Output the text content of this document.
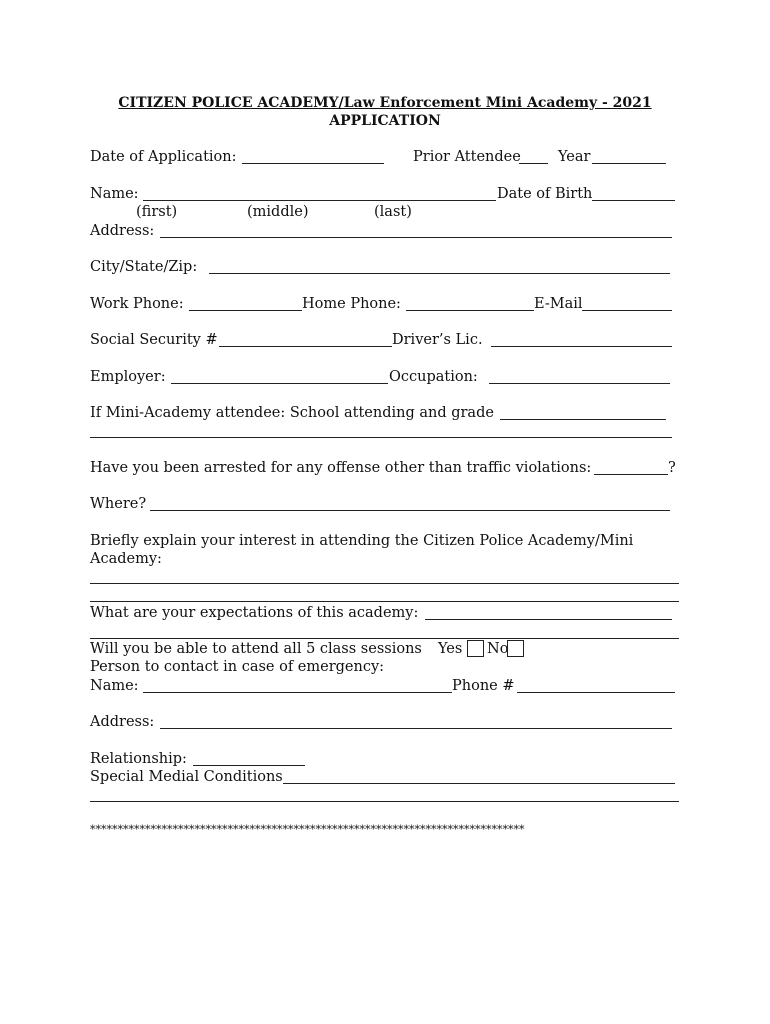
CITIZEN POLICE ACADEMY/Law Enforcement Mini Academy - 2021
APPLICATION
Date of Application:	Prior Attendee	Year
Name:	Date of Birth
(first)	(middle)	(last)
Address:
City/State/Zip:
Work Phone:	Home Phone:	E-Mail
Social Security #	Driver’s Lic.
Employer:	Occupation:
If Mini-Academy attendee: School attending and grade
Have you been arrested for any offense other than traffic violations:	?
Where?
Briefly explain your interest in attending the Citizen Police Academy/Mini
Academy:
What are your expectations of this academy:
Will you be able to attend all 5 class sessions Yes No
Person to contact in case of emergency:
Name:	Phone #
Address:
Relationship:
Special Medial Conditions
*******************************************************************************
